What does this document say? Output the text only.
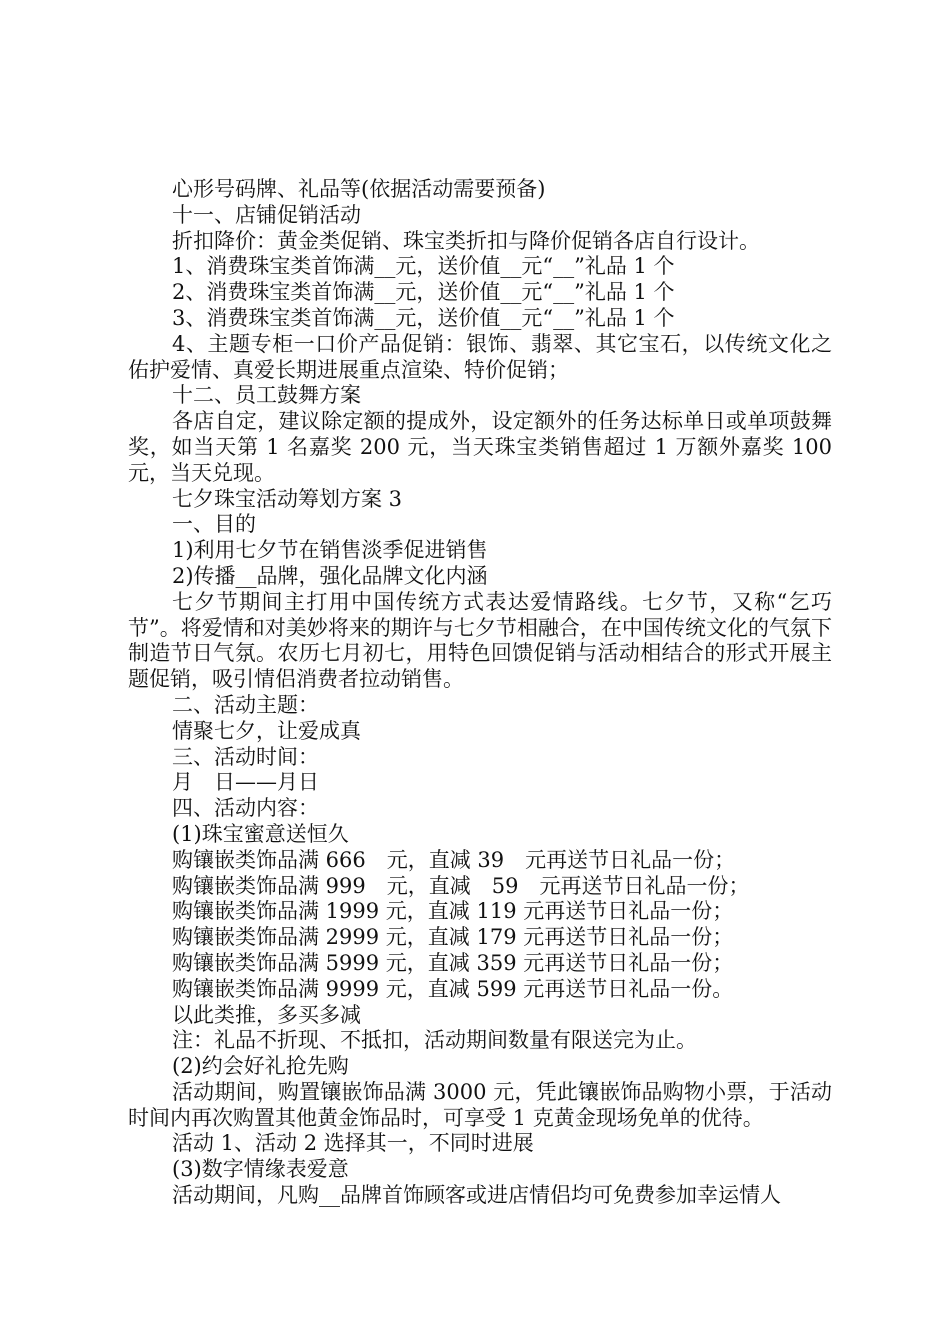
心形号码牌、礼品等(依据活动需要预备)

十一、店铺促销活动

折扣降价：黄金类促销、珠宝类折扣与降价促销各店自行设计。

1、消费珠宝类首饰满__元，送价值__元“__”礼品 1 个

2、消费珠宝类首饰满__元，送价值__元“__”礼品 1 个

3、消费珠宝类首饰满__元，送价值__元“__”礼品 1 个

4、主题专柜一口价产品促销：银饰、翡翠、其它宝石，以传统文化之佑护爱情、真爱长期进展重点渲染、特价促销；

十二、员工鼓舞方案

各店自定，建议除定额的提成外，设定额外的任务达标单日或单项鼓舞奖，如当天第 1 名嘉奖 200 元，当天珠宝类销售超过 1 万额外嘉奖 100 元，当天兑现。

七夕珠宝活动筹划方案 3

一、目的

1)利用七夕节在销售淡季促进销售

2)传播__品牌，强化品牌文化内涵

七夕节期间主打用中国传统方式表达爱情路线。七夕节，又称“乞巧节”。将爱情和对美妙将来的期许与七夕节相融合，在中国传统文化的气氛下制造节日气氛。农历七月初七，用特色回馈促销与活动相结合的形式开展主题促销，吸引情侣消费者拉动销售。

二、活动主题：

情聚七夕，让爱成真

三、活动时间：

月　日——月日

四、活动内容：

(1)珠宝蜜意送恒久

购镶嵌类饰品满 666　元，直减 39　元再送节日礼品一份；

购镶嵌类饰品满 999　元，直减　59　元再送节日礼品一份；

购镶嵌类饰品满 1999 元，直减 119 元再送节日礼品一份；

购镶嵌类饰品满 2999 元，直减 179 元再送节日礼品一份；

购镶嵌类饰品满 5999 元，直减 359 元再送节日礼品一份；

购镶嵌类饰品满 9999 元，直减 599 元再送节日礼品一份。

以此类推，多买多减

注：礼品不折现、不抵扣，活动期间数量有限送完为止。

(2)约会好礼抢先购

活动期间，购置镶嵌饰品满 3000 元，凭此镶嵌饰品购物小票，于活动时间内再次购置其他黄金饰品时，可享受 1 克黄金现场免单的优待。

活动 1、活动 2 选择其一，不同时进展

(3)数字情缘表爱意

活动期间，凡购__品牌首饰顾客或进店情侣均可免费参加幸运情人
